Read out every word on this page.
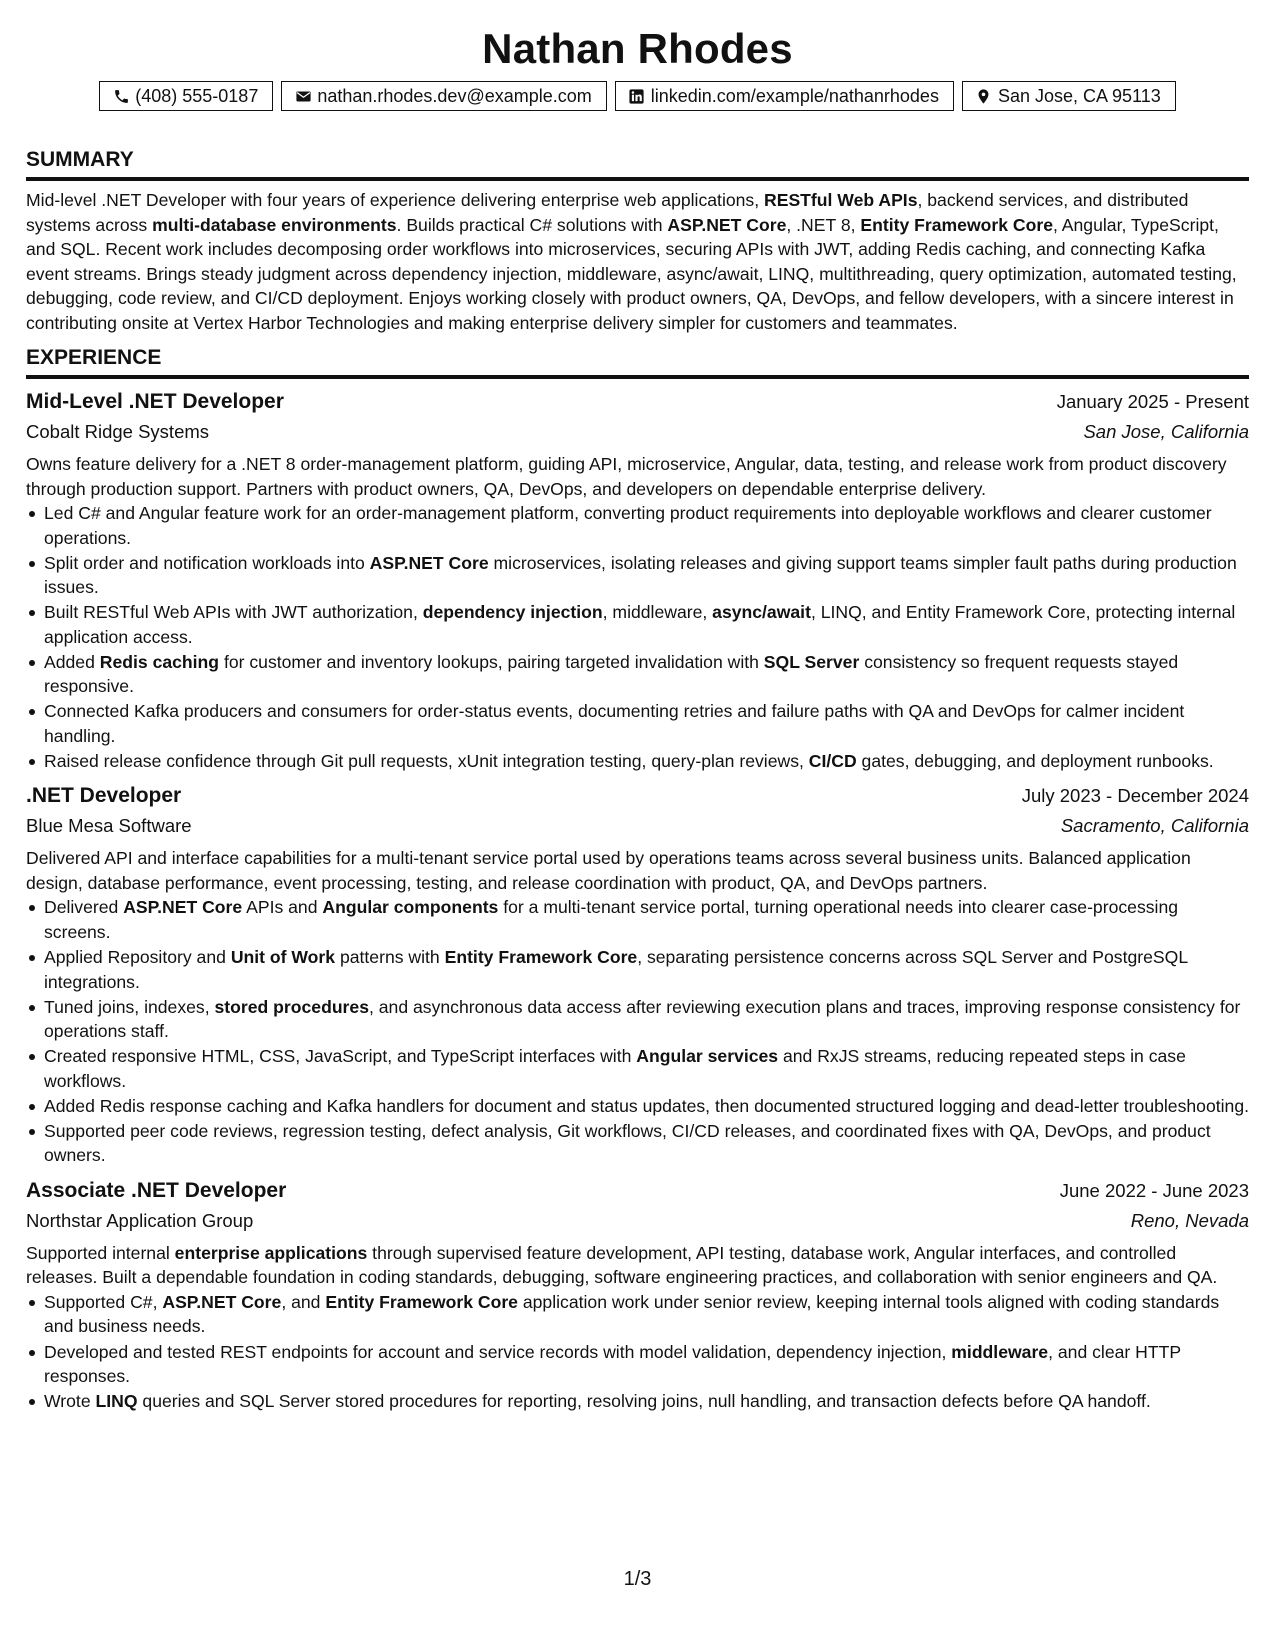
Nathan Rhodes
(408) 555-0187	nathan.rhodes.dev@example.com	linkedin.com/example/nathanrhodes	San Jose, CA 95113
SUMMARY

Mid-level .NET Developer with four years of experience delivering enterprise web applications, RESTful Web APIs, backend services, and distributed systems across multi-database environments. Builds practical C# solutions with ASP.NET Core, .NET 8, Entity Framework Core, Angular, TypeScript, and SQL. Recent work includes decomposing order workflows into microservices, securing APIs with JWT, adding Redis caching, and connecting Kafka event streams. Brings steady judgment across dependency injection, middleware, async/await, LINQ, multithreading, query optimization, automated testing, debugging, code review, and CI/CD deployment. Enjoys working closely with product owners, QA, DevOps, and fellow developers, with a sincere interest in contributing onsite at Vertex Harbor Technologies and making enterprise delivery simpler for customers and teammates.

EXPERIENCE
Mid-Level .NET Developer	January 2025 - Present
Cobalt Ridge Systems	San Jose, California

Owns feature delivery for a .NET 8 order-management platform, guiding API, microservice, Angular, data, testing, and release work from product discovery through production support. Partners with product owners, QA, DevOps, and developers on dependable enterprise delivery.

Led C# and Angular feature work for an order-management platform, converting product requirements into deployable workflows and clearer customer operations.
Split order and notification workloads into ASP.NET Core microservices, isolating releases and giving support teams simpler fault paths during production issues.
Built RESTful Web APIs with JWT authorization, dependency injection, middleware, async/await, LINQ, and Entity Framework Core, protecting internal application access.
Added Redis caching for customer and inventory lookups, pairing targeted invalidation with SQL Server consistency so frequent requests stayed responsive.
Connected Kafka producers and consumers for order-status events, documenting retries and failure paths with QA and DevOps for calmer incident handling.
Raised release confidence through Git pull requests, xUnit integration testing, query-plan reviews, CI/CD gates, debugging, and deployment runbooks.
.NET Developer	July 2023 - December 2024
Blue Mesa Software	Sacramento, California

Delivered API and interface capabilities for a multi-tenant service portal used by operations teams across several business units. Balanced application design, database performance, event processing, testing, and release coordination with product, QA, and DevOps partners.

Delivered ASP.NET Core APIs and Angular components for a multi-tenant service portal, turning operational needs into clearer case-processing screens.
Applied Repository and Unit of Work patterns with Entity Framework Core, separating persistence concerns across SQL Server and PostgreSQL integrations.
Tuned joins, indexes, stored procedures, and asynchronous data access after reviewing execution plans and traces, improving response consistency for operations staff.
Created responsive HTML, CSS, JavaScript, and TypeScript interfaces with Angular services and RxJS streams, reducing repeated steps in case workflows.
Added Redis response caching and Kafka handlers for document and status updates, then documented structured logging and dead-letter troubleshooting.
Supported peer code reviews, regression testing, defect analysis, Git workflows, CI/CD releases, and coordinated fixes with QA, DevOps, and product owners.
Associate .NET Developer	June 2022 - June 2023
Northstar Application Group	Reno, Nevada

Supported internal enterprise applications through supervised feature development, API testing, database work, Angular interfaces, and controlled releases. Built a dependable foundation in coding standards, debugging, software engineering practices, and collaboration with senior engineers and QA.

Supported C#, ASP.NET Core, and Entity Framework Core application work under senior review, keeping internal tools aligned with coding standards and business needs.
Developed and tested REST endpoints for account and service records with model validation, dependency injection, middleware, and clear HTTP responses.
Wrote LINQ queries and SQL Server stored procedures for reporting, resolving joins, null handling, and transaction defects before QA handoff.
1/3
